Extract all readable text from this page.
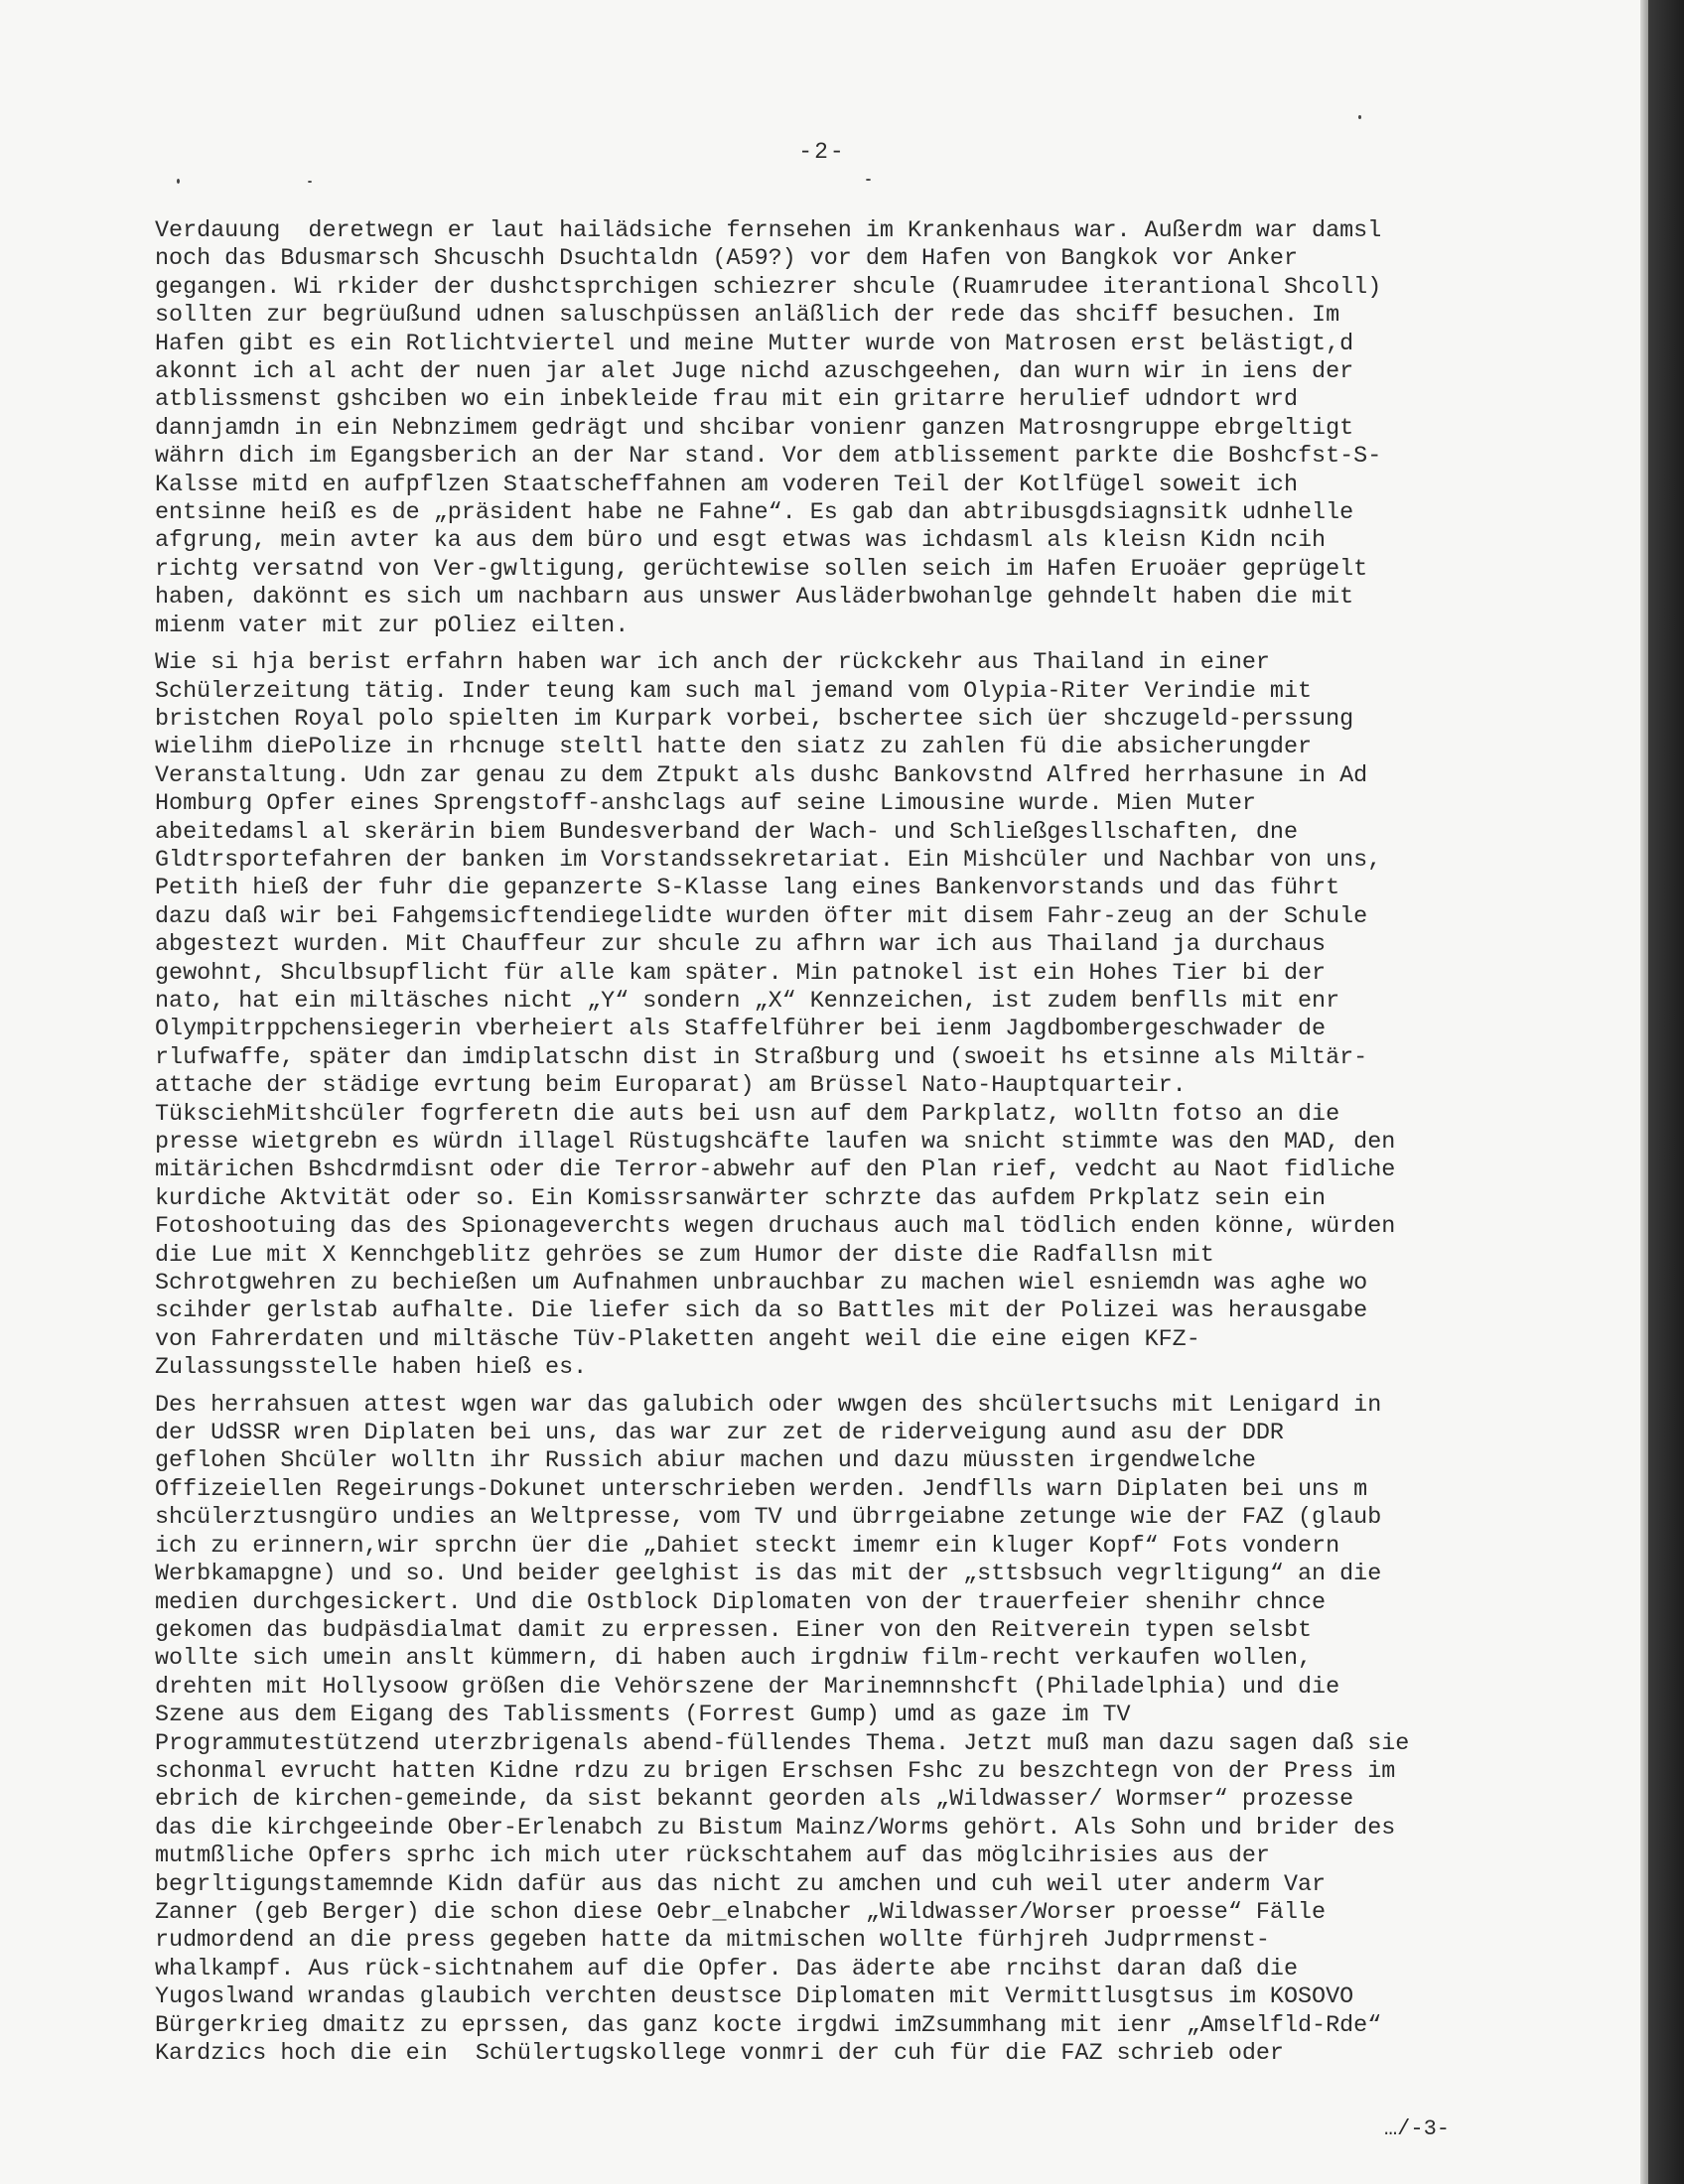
-2-
Verdauung  deretwegn er laut hailädsiche fernsehen im Krankenhaus war. Außerdm war damsl
noch das Bdusmarsch Shcuschh Dsuchtaldn (A59?) vor dem Hafen von Bangkok vor Anker
gegangen. Wi rkider der dushctsprchigen schiezrer shcule (Ruamrudee iterantional Shcoll)
sollten zur begrüußund udnen saluschpüssen anläßlich der rede das shciff besuchen. Im
Hafen gibt es ein Rotlichtviertel und meine Mutter wurde von Matrosen erst belästigt,d
akonnt ich al acht der nuen jar alet Juge nichd azuschgeehen, dan wurn wir in iens der
atblissmenst gshciben wo ein inbekleide frau mit ein gritarre herulief udndort wrd
dannjamdn in ein Nebnzimem gedrägt und shcibar vonienr ganzen Matrosngruppe ebrgeltigt
währn dich im Egangsberich an der Nar stand. Vor dem atblissement parkte die Boshcfst-S-
Kalsse mitd en aufpflzen Staatscheffahnen am voderen Teil der Kotlfügel soweit ich
entsinne heiß es de „präsident habe ne Fahne“. Es gab dan abtribusgdsiagnsitk udnhelle
afgrung, mein avter ka aus dem büro und esgt etwas was ichdasml als kleisn Kidn ncih
richtg versatnd von Ver-gwltigung, gerüchtewise sollen seich im Hafen Eruoäer geprügelt
haben, dakönnt es sich um nachbarn aus unswer Ausläderbwohanlge gehndelt haben die mit
mienm vater mit zur pOliez eilten.
Wie si hja berist erfahrn haben war ich anch der rückckehr aus Thailand in einer
Schülerzeitung tätig. Inder teung kam such mal jemand vom Olypia-Riter Verindie mit
bristchen Royal polo spielten im Kurpark vorbei, bschertee sich üer shczugeld-perssung
wielihm diePolize in rhcnuge steltl hatte den siatz zu zahlen fü die absicherungder
Veranstaltung. Udn zar genau zu dem Ztpukt als dushc Bankovstnd Alfred herrhasune in Ad
Homburg Opfer eines Sprengstoff-anshclags auf seine Limousine wurde. Mien Muter
abeitedamsl al skerärin biem Bundesverband der Wach- und Schließgesllschaften, dne
Gldtrsportefahren der banken im Vorstandssekretariat. Ein Mishcüler und Nachbar von uns,
Petith hieß der fuhr die gepanzerte S-Klasse lang eines Bankenvorstands und das führt
dazu daß wir bei Fahgemsicftendiegelidte wurden öfter mit disem Fahr-zeug an der Schule
abgestezt wurden. Mit Chauffeur zur shcule zu afhrn war ich aus Thailand ja durchaus
gewohnt, Shculbsupflicht für alle kam später. Min patnokel ist ein Hohes Tier bi der
nato, hat ein miltäsches nicht „Y“ sondern „X“ Kennzeichen, ist zudem benflls mit enr
Olympitrppchensiegerin vberheiert als Staffelführer bei ienm Jagdbombergeschwader de
rlufwaffe, später dan imdiplatschn dist in Straßburg und (swoeit hs etsinne als Miltär-
attache der städige evrtung beim Europarat) am Brüssel Nato-Hauptquarteir.
TüksciehMitshcüler fogrferetn die auts bei usn auf dem Parkplatz, wolltn fotso an die
presse wietgrebn es würdn illagel Rüstugshcäfte laufen wa snicht stimmte was den MAD, den
mitärichen Bshcdrmdisnt oder die Terror-abwehr auf den Plan rief, vedcht au Naot fidliche
kurdiche Aktvität oder so. Ein Komissrsanwärter schrzte das aufdem Prkplatz sein ein
Fotoshootuing das des Spionageverchts wegen druchaus auch mal tödlich enden könne, würden
die Lue mit X Kennchgeblitz gehröes se zum Humor der diste die Radfallsn mit
Schrotgwehren zu bechießen um Aufnahmen unbrauchbar zu machen wiel esniemdn was aghe wo
scihder gerlstab aufhalte. Die liefer sich da so Battles mit der Polizei was herausgabe
von Fahrerdaten und miltäsche Tüv-Plaketten angeht weil die eine eigen KFZ-
Zulassungsstelle haben hieß es.
Des herrahsuen attest wgen war das galubich oder wwgen des shcülertsuchs mit Lenigard in
der UdSSR wren Diplaten bei uns, das war zur zet de riderveigung aund asu der DDR
geflohen Shcüler wolltn ihr Russich abiur machen und dazu müussten irgendwelche
Offizeiellen Regeirungs-Dokunet unterschrieben werden. Jendflls warn Diplaten bei uns m
shcülerztusngüro undies an Weltpresse, vom TV und übrrgeiabne zetunge wie der FAZ (glaub
ich zu erinnern,wir sprchn üer die „Dahiet steckt imemr ein kluger Kopf“ Fots vondern
Werbkamapgne) und so. Und beider geelghist is das mit der „sttsbsuch vegrltigung“ an die
medien durchgesickert. Und die Ostblock Diplomaten von der trauerfeier shenihr chnce
gekomen das budpäsdialmat damit zu erpressen. Einer von den Reitverein typen selsbt
wollte sich umein anslt kümmern, di haben auch irgdniw film-recht verkaufen wollen,
drehten mit Hollysoow größen die Vehörszene der Marinemnnshcft (Philadelphia) und die
Szene aus dem Eigang des Tablissments (Forrest Gump) umd as gaze im TV
Programmutestützend uterzbrigenals abend-füllendes Thema. Jetzt muß man dazu sagen daß sie
schonmal evrucht hatten Kidne rdzu zu brigen Erschsen Fshc zu beszchtegn von der Press im
ebrich de kirchen-gemeinde, da sist bekannt georden als „Wildwasser/ Wormser“ prozesse
das die kirchgeeinde Ober-Erlenabch zu Bistum Mainz/Worms gehört. Als Sohn und brider des
mutmßliche Opfers sprhc ich mich uter rückschtahem auf das möglcihrisies aus der
begrltigungstamemnde Kidn dafür aus das nicht zu amchen und cuh weil uter anderm Var
Zanner (geb Berger) die schon diese Oebr_elnabcher „Wildwasser/Worser proesse“ Fälle
rudmordend an die press gegeben hatte da mitmischen wollte fürhjreh Judprrmenst-
whalkampf. Aus rück-sichtnahem auf die Opfer. Das äderte abe rncihst daran daß die
Yugoslwand wrandas glaubich verchten deustsce Diplomaten mit Vermittlusgtsus im KOSOVO
Bürgerkrieg dmaitz zu eprssen, das ganz kocte irgdwi imZsummhang mit ienr „Amselfld-Rde“
Kardzics hoch die ein  Schülertugskollege vonmri der cuh für die FAZ schrieb oder
…/-3-
